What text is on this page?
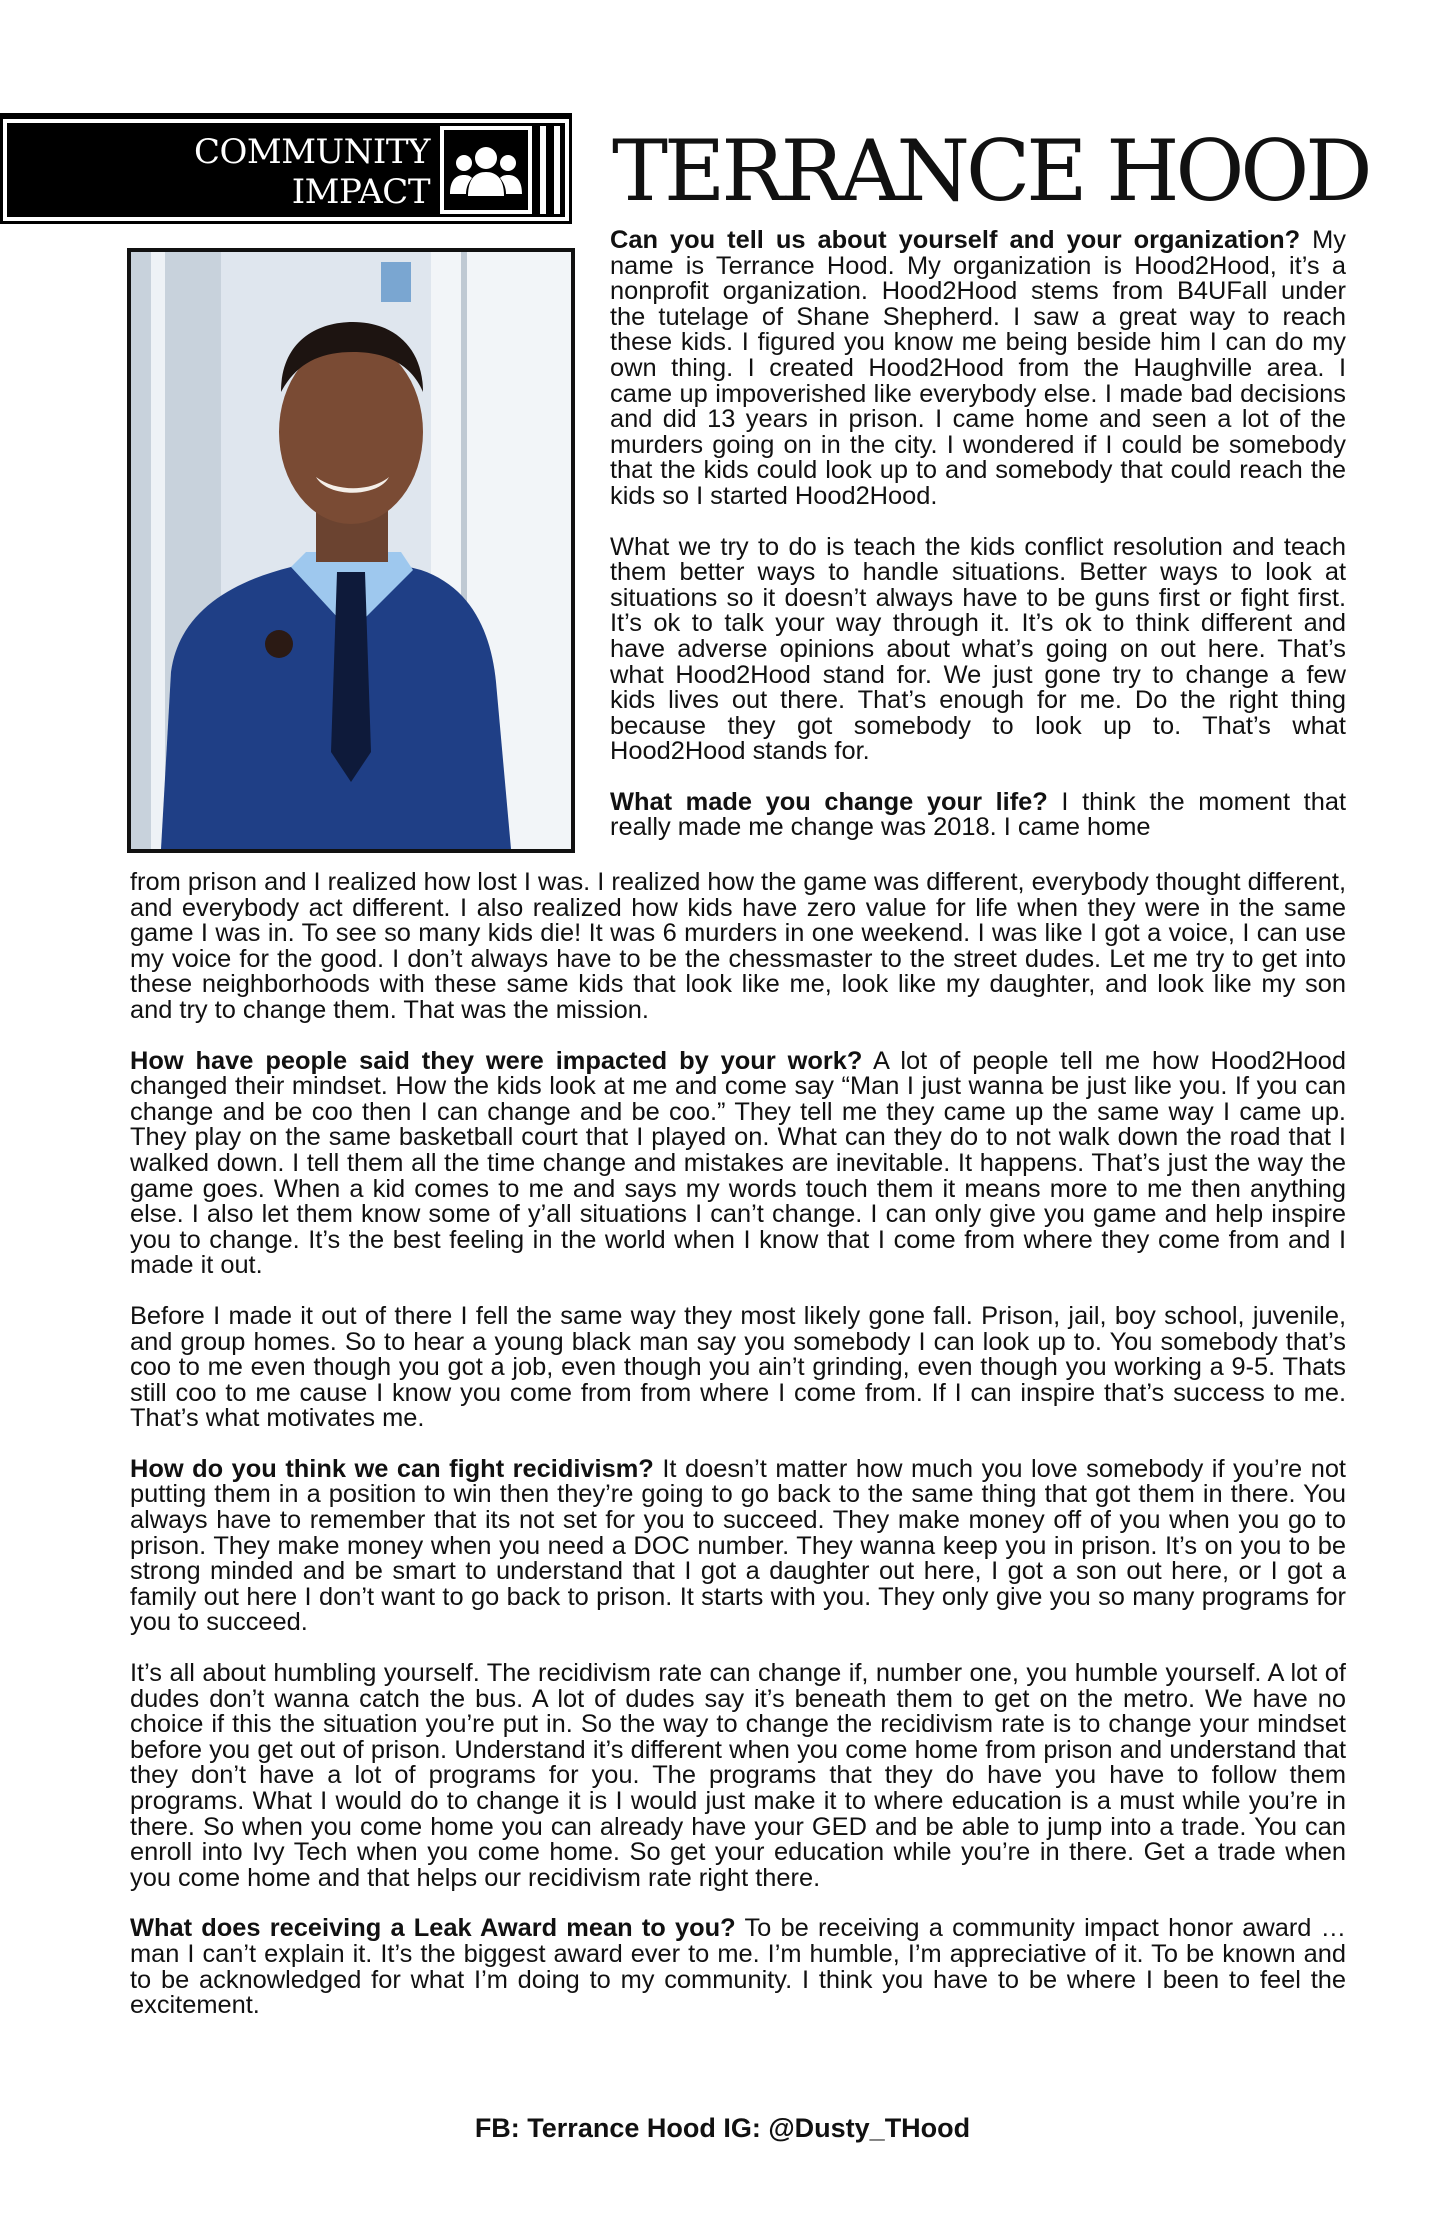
COMMUNITY
IMPACT TERRANCE HOOD

Can you tell us about yourself and your organization? My name is Terrance Hood. My organization is Hood2Hood, it’s a nonprofit organization. Hood2Hood stems from B4UFall under the tutelage of Shane Shepherd. I saw a great way to reach these kids. I figured you know me being beside him I can do my own thing. I created Hood2Hood from the Haughville area. I came up impoverished like everybody else. I made bad decisions and did 13 years in prison. I came home and seen a lot of the murders going on in the city. I wondered if I could be somebody that the kids could look up to and somebody that could reach the kids so I started Hood2Hood.

What we try to do is teach the kids conflict resolution and teach them better ways to handle situations. Better ways to look at situations so it doesn’t always have to be guns first or fight first. It’s ok to talk your way through it. It’s ok to think different and have adverse opinions about what’s going on out here. That’s what Hood2Hood stand for. We just gone try to change a few kids lives out there. That’s enough for me. Do the right thing because they got somebody to look up to. That’s what Hood2Hood stands for.

What made you change your life? I think the moment that really made me change was 2018. I came home

from prison and I realized how lost I was. I realized how the game was different, everybody thought different, and everybody act different. I also realized how kids have zero value for life when they were in the same game I was in. To see so many kids die! It was 6 murders in one weekend. I was like I got a voice, I can use my voice for the good. I don’t always have to be the chessmaster to the street dudes. Let me try to get into these neighborhoods with these same kids that look like me, look like my daughter, and look like my son and try to change them. That was the mission.

How have people said they were impacted by your work? A lot of people tell me how Hood2Hood changed their mindset. How the kids look at me and come say “Man I just wanna be just like you. If you can change and be coo then I can change and be coo.” They tell me they came up the same way I came up. They play on the same basketball court that I played on. What can they do to not walk down the road that I walked down. I tell them all the time change and mistakes are inevitable. It happens. That’s just the way the game goes. When a kid comes to me and says my words touch them it means more to me then anything else. I also let them know some of y’all situations I can’t change. I can only give you game and help inspire you to change. It’s the best feeling in the world when I know that I come from where they come from and I made it out.

Before I made it out of there I fell the same way they most likely gone fall. Prison, jail, boy school, juvenile, and group homes. So to hear a young black man say you somebody I can look up to. You somebody that’s coo to me even though you got a job, even though you ain’t grinding, even though you working a 9-5. Thats still coo to me cause I know you come from from where I come from. If I can inspire that’s success to me. That’s what motivates me.

How do you think we can fight recidivism? It doesn’t matter how much you love somebody if you’re not putting them in a position to win then they’re going to go back to the same thing that got them in there. You always have to remember that its not set for you to succeed. They make money off of you when you go to prison. They make money when you need a DOC number. They wanna keep you in prison. It’s on you to be strong minded and be smart to understand that I got a daughter out here, I got a son out here, or I got a family out here I don’t want to go back to prison. It starts with you. They only give you so many programs for you to succeed.

It’s all about humbling yourself. The recidivism rate can change if, number one, you humble yourself. A lot of dudes don’t wanna catch the bus. A lot of dudes say it’s beneath them to get on the metro. We have no choice if this the situation you’re put in. So the way to change the recidivism rate is to change your mindset before you get out of prison. Understand it’s different when you come home from prison and understand that they don’t have a lot of programs for you. The programs that they do have you have to follow them programs. What I would do to change it is I would just make it to where education is a must while you’re in there. So when you come home you can already have your GED and be able to jump into a trade. You can enroll into Ivy Tech when you come home. So get your education while you’re in there. Get a trade when you come home and that helps our recidivism rate right there.

What does receiving a Leak Award mean to you? To be receiving a community impact honor award …man I can’t explain it. It’s the biggest award ever to me. I’m humble, I’m appreciative of it. To be known and to be acknowledged for what I’m doing to my community. I think you have to be where I been to feel the excitement.

FB: Terrance Hood IG: @Dusty_THood
